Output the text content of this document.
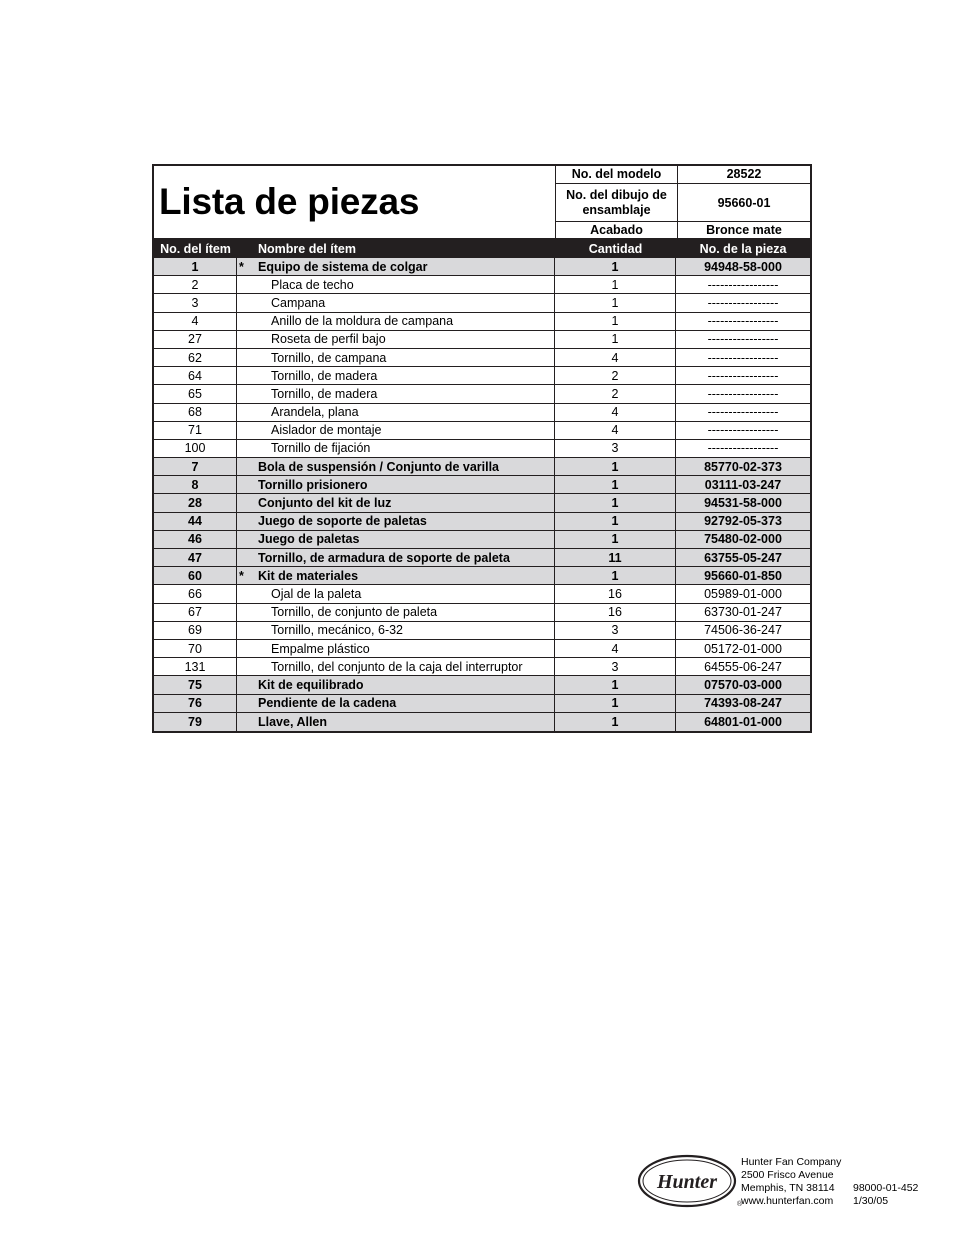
Lista de piezas
No. del modelo	28522
No. del dibujo de ensamblaje	95660-01
Acabado	Bronce mate
No. del ítem	Nombre del ítem	Cantidad	No. de la pieza
1	*	Equipo de sistema de colgar	1	94948-58-000
2	Placa de techo	1	-----------------
3	Campana	1	-----------------
4	Anillo de la moldura de campana	1	-----------------
27	Roseta de perfil bajo	1	-----------------
62	Tornillo, de campana	4	-----------------
64	Tornillo, de madera	2	-----------------
65	Tornillo, de madera	2	-----------------
68	Arandela, plana	4	-----------------
71	Aislador de montaje	4	-----------------
100	Tornillo de fijación	3	-----------------
7	Bola de suspensión / Conjunto de varilla	1	85770-02-373
8	Tornillo prisionero	1	03111-03-247
28	Conjunto del kit de luz	1	94531-58-000
44	Juego de soporte de paletas	1	92792-05-373
46	Juego de paletas	1	75480-02-000
47	Tornillo, de armadura de soporte de paleta	11	63755-05-247
60	*	Kit de materiales	1	95660-01-850
66	Ojal de la paleta	16	05989-01-000
67	Tornillo, de conjunto de paleta	16	63730-01-247
69	Tornillo, mecánico, 6-32	3	74506-36-247
70	Empalme plástico	4	05172-01-000
131	Tornillo, del conjunto de la caja del interruptor	3	64555-06-247
75	Kit de equilibrado	1	07570-03-000
76	Pendiente de la cadena	1	74393-08-247
79	Llave, Allen	1	64801-01-000
Hunter
®
Hunter Fan Company
2500 Frisco Avenue
Memphis, TN 38114
www.hunterfan.com
98000-01-452
1/30/05
